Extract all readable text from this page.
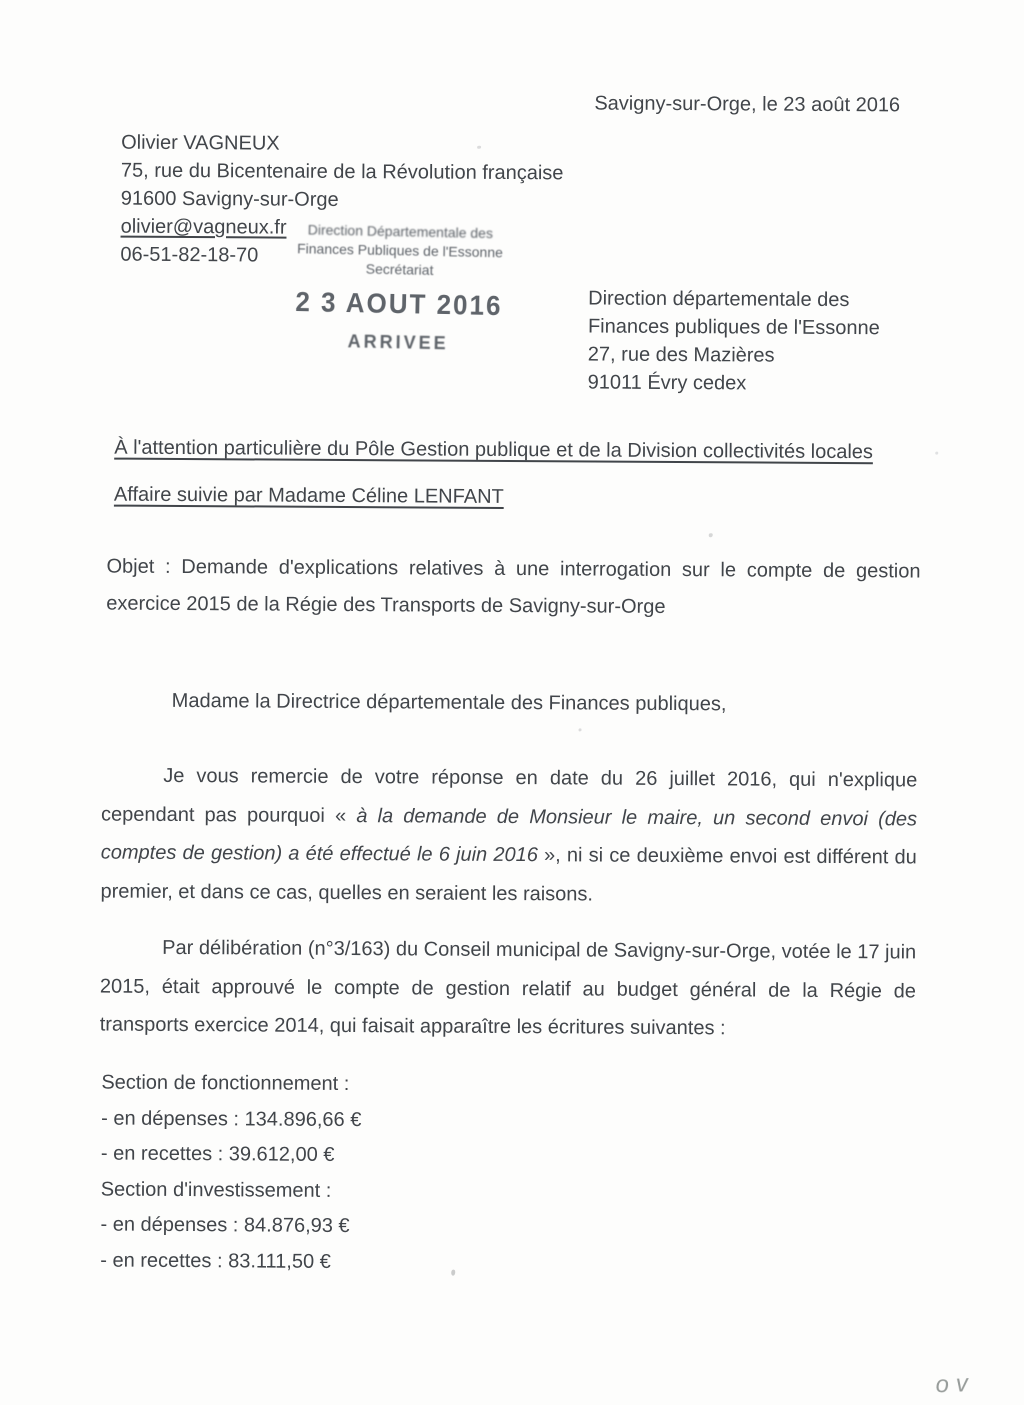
Savigny-sur-Orge, le 23 août 2016
Olivier VAGNEUX
75, rue du Bicentenaire de la Révolution française
91600 Savigny-sur-Orge
olivier@vagneux.fr
06-51-82-18-70
Direction Départementale des
Finances Publiques de l'Essonne
Secrétariat
2 3 AOUT 2016
ARRIVEE
Direction départementale des
Finances publiques de l'Essonne
27, rue des Mazières
91011 Évry cedex
À l'attention particulière du Pôle Gestion publique et de la Division collectivités locales
Affaire suivie par Madame Céline LENFANT
Objet : Demande d'explications relatives à une interrogation sur le compte de gestion exercice 2015 de la Régie des Transports de Savigny-sur-Orge
Madame la Directrice départementale des Finances publiques,

Je vous remercie de votre réponse en date du 26 juillet 2016, qui n'explique cependant pas pourquoi « à la demande de Monsieur le maire, un second envoi (des comptes de gestion) a été effectué le 6 juin 2016 », ni si ce deuxième envoi est différent du premier, et dans ce cas, quelles en seraient les raisons.

Par délibération (n°3/163) du Conseil municipal de Savigny-sur-Orge, votée le 17 juin 2015, était approuvé le compte de gestion relatif au budget général de la Régie de transports exercice 2014, qui faisait apparaître les écritures suivantes :

Section de fonctionnement :
- en dépenses : 134.896,66 €
- en recettes : 39.612,00 €
Section d'investissement :
- en dépenses : 84.876,93 €
- en recettes : 83.111,50 €
ov
